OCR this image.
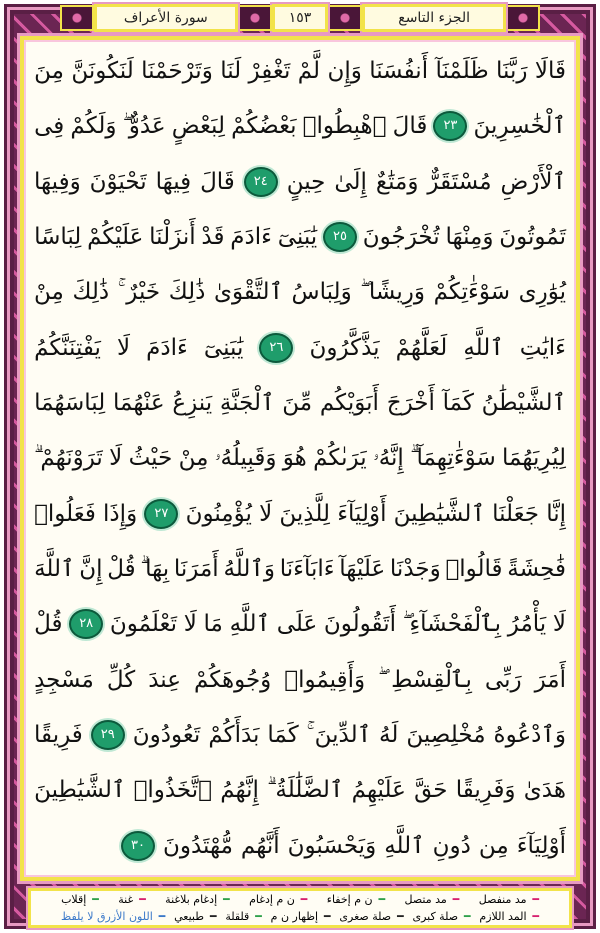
الجزء التاسع
١٥٣
سورة الأعراف
قَالَا
رَبَّنَا
ظَلَمْنَآ
أَنفُسَنَا
وَإِن
لَّمْ
تَغْفِرْ
لَنَا
وَتَرْحَمْنَا
لَنَكُونَنَّ
مِنَ
ٱلْخَٰسِرِينَ
٢٣
قَالَ
ٱهْبِطُوا۟
بَعْضُكُمْ
لِبَعْضٍ
عَدُوٌّ
وَلَكُمْ
فِى
ٱلْأَرْضِ
مُسْتَقَرٌّ
وَمَتَٰعٌ
إِلَىٰ
حِينٍ
٢٤
قَالَ
فِيهَا
تَحْيَوْنَ
وَفِيهَا
تَمُوتُونَ
وَمِنْهَا
تُخْرَجُونَ
٢٥
يَٰبَنِىٓ
ءَادَمَ
قَدْ
أَنزَلْنَا
عَلَيْكُمْ
لِبَاسًا
يُوَٰرِى
سَوْءَٰتِكُمْ
وَرِيشًا
وَلِبَاسُ
ٱلتَّقْوَىٰ
ذَٰلِكَ
خَيْرٌ
ذَٰلِكَ
مِنْ
ءَايَٰتِ
ٱللَّهِ
لَعَلَّهُمْ
يَذَّكَّرُونَ
٢٦
يَٰبَنِىٓ
ءَادَمَ
لَا
يَفْتِنَنَّكُمُ
ٱلشَّيْطَٰنُ
كَمَآ
أَخْرَجَ
أَبَوَيْكُم
مِّنَ
ٱلْجَنَّةِ
يَنزِعُ
عَنْهُمَا
لِبَاسَهُمَا
لِيُرِيَهُمَا
سَوْءَٰتِهِمَآ
إِنَّهُۥ
يَرَىٰكُمْ
هُوَ
وَقَبِيلُهُۥ
مِنْ
حَيْثُ
لَا
تَرَوْنَهُمْ
إِنَّا
جَعَلْنَا
ٱلشَّيَٰطِينَ
أَوْلِيَآءَ
لِلَّذِينَ
لَا
يُؤْمِنُونَ
٢٧
وَإِذَا
فَعَلُوا۟
فَٰحِشَةً
قَالُوا۟
وَجَدْنَا
عَلَيْهَآ
ءَابَآءَنَا
وَٱللَّهُ
أَمَرَنَا
بِهَا
قُلْ
إِنَّ
ٱللَّهَ
لَا
يَأْمُرُ
بِٱلْفَحْشَآءِ
أَتَقُولُونَ
عَلَى
ٱللَّهِ
مَا
لَا
تَعْلَمُونَ
٢٨
قُلْ
أَمَرَ
رَبِّى
بِٱلْقِسْطِ
وَأَقِيمُوا۟
وُجُوهَكُمْ
عِندَ
كُلِّ
مَسْجِدٍ
وَٱدْعُوهُ
مُخْلِصِينَ
لَهُ
ٱلدِّينَ
كَمَا
بَدَأَكُمْ
تَعُودُونَ
٢٩
فَرِيقًا
هَدَىٰ
وَفَرِيقًا
حَقَّ
عَلَيْهِمُ
ٱلضَّلَٰلَةُ
إِنَّهُمُ
ٱتَّخَذُوا۟
ٱلشَّيَٰطِينَ
أَوْلِيَآءَ
مِن
دُونِ
ٱللَّهِ
وَيَحْسَبُونَ
أَنَّهُم
مُّهْتَدُونَ
٣٠
━ مد منفصل
━ مد متصل
━ ن م إخفاء
━ ن م إدغام
━ إدغام بلاغنة
━ غنة
━ إقلاب
━ المد اللازم
━ صلة كبرى
━ صلة صغرى
━ إظهار ن م
━ قلقلة
━ طبيعي
━ اللون الأزرق لا يلفظ
